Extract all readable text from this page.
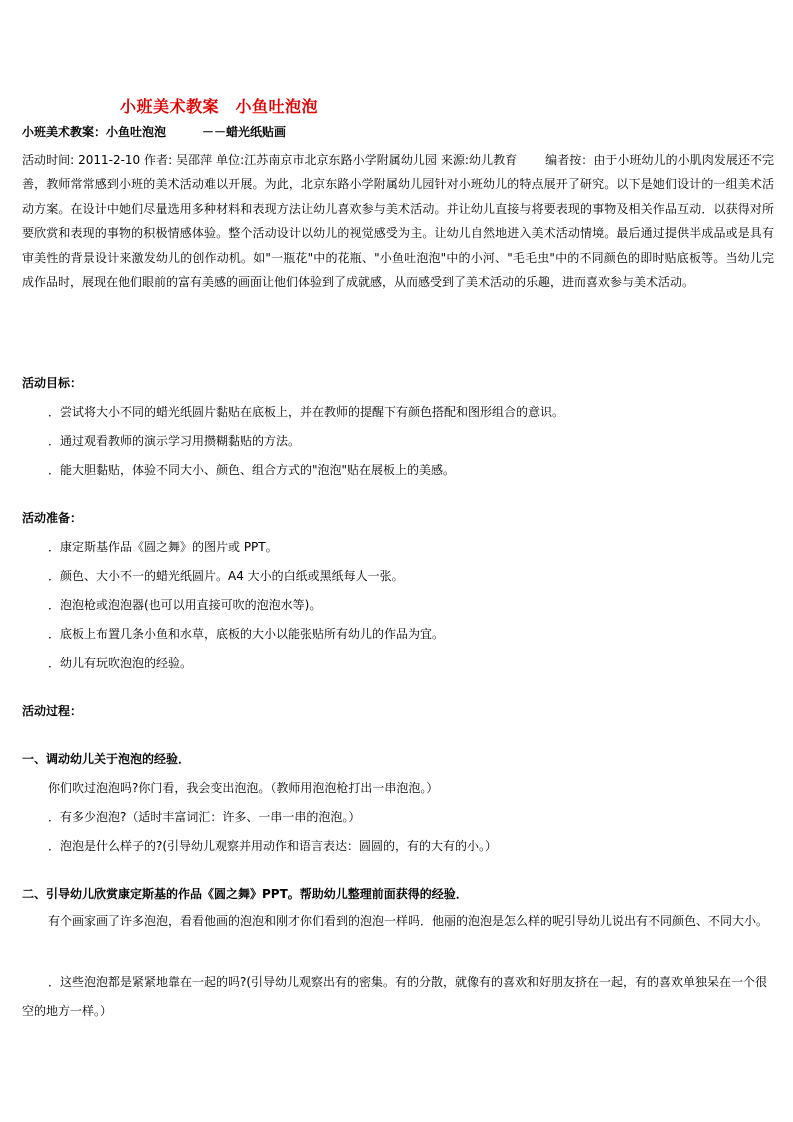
小班美术教案　小鱼吐泡泡
小班美术教案：小鱼吐泡泡　　　－－蜡光纸贴画
活动时间: 2011-2-10 作者: 吴邵萍 单位:江苏南京市北京东路小学附属幼儿园 来源:幼儿教育　　 编者按：由于小班幼儿的小肌肉发展还不完善，教师常常感到小班的美术活动难以开展。为此，北京东路小学附属幼儿园针对小班幼儿的特点展开了研究。以下是她们设计的一组美术活动方案。在设计中她们尽量选用多种材料和表现方法让幼儿喜欢参与美术活动。并让幼儿直接与将要表现的事物及相关作品互动．以获得对所要欣赏和表现的事物的积极情感体验。整个活动设计以幼儿的视觉感受为主。让幼儿自然地进入美术活动情境。最后通过提供半成品或是具有审美性的背景设计来激发幼儿的创作动机。如"一瓶花"中的花瓶、"小鱼吐泡泡"中的小河、"毛毛虫"中的不同颜色的即时贴底板等。当幼儿完成作品时，展现在他们眼前的富有美感的画面让他们体验到了成就感，从而感受到了美术活动的乐趣，进而喜欢参与美术活动。
活动目标：
．尝试将大小不同的蜡光纸圆片黏贴在底板上，并在教师的提醒下有颜色搭配和图形组合的意识。
．通过观看教师的演示学习用攒糊黏贴的方法。
．能大胆黏贴，体验不同大小、颜色、组合方式的"泡泡"贴在展板上的美感。
活动准备：
．康定斯基作品《圆之舞》的图片或 PPT。
．颜色、大小不一的蜡光纸圆片。A4 大小的白纸或黑纸每人一张。
．泡泡枪或泡泡器(也可以用直接可吹的泡泡水等)。
．底板上布置几条小鱼和水草，底板的大小以能张贴所有幼儿的作品为宜。
．幼儿有玩吹泡泡的经验。
活动过程：
一、调动幼儿关于泡泡的经验．
你们吹过泡泡吗?你门看，我会变出泡泡。（教师用泡泡枪打出一串泡泡。）
．有多少泡泡?（适时丰富词汇：许多、一串一串的泡泡。）
．泡泡是什么样子的?(引导幼儿观察并用动作和语言表达：圆圆的，有的大有的小。）
二、引导幼儿欣赏康定斯基的作品《圆之舞》PPT。帮助幼儿整理前面获得的经验．
有个画家画了许多泡泡，看看他画的泡泡和刚才你们看到的泡泡一样吗．他丽的泡泡是怎么样的呢引导幼儿说出有不同颜色、不同大小。
．这些泡泡都是紧紧地靠在一起的吗?(引导幼儿观察出有的密集。有的分散，就像有的喜欢和好朋友挤在一起，有的喜欢单独呆在一个很空的地方一样。）
